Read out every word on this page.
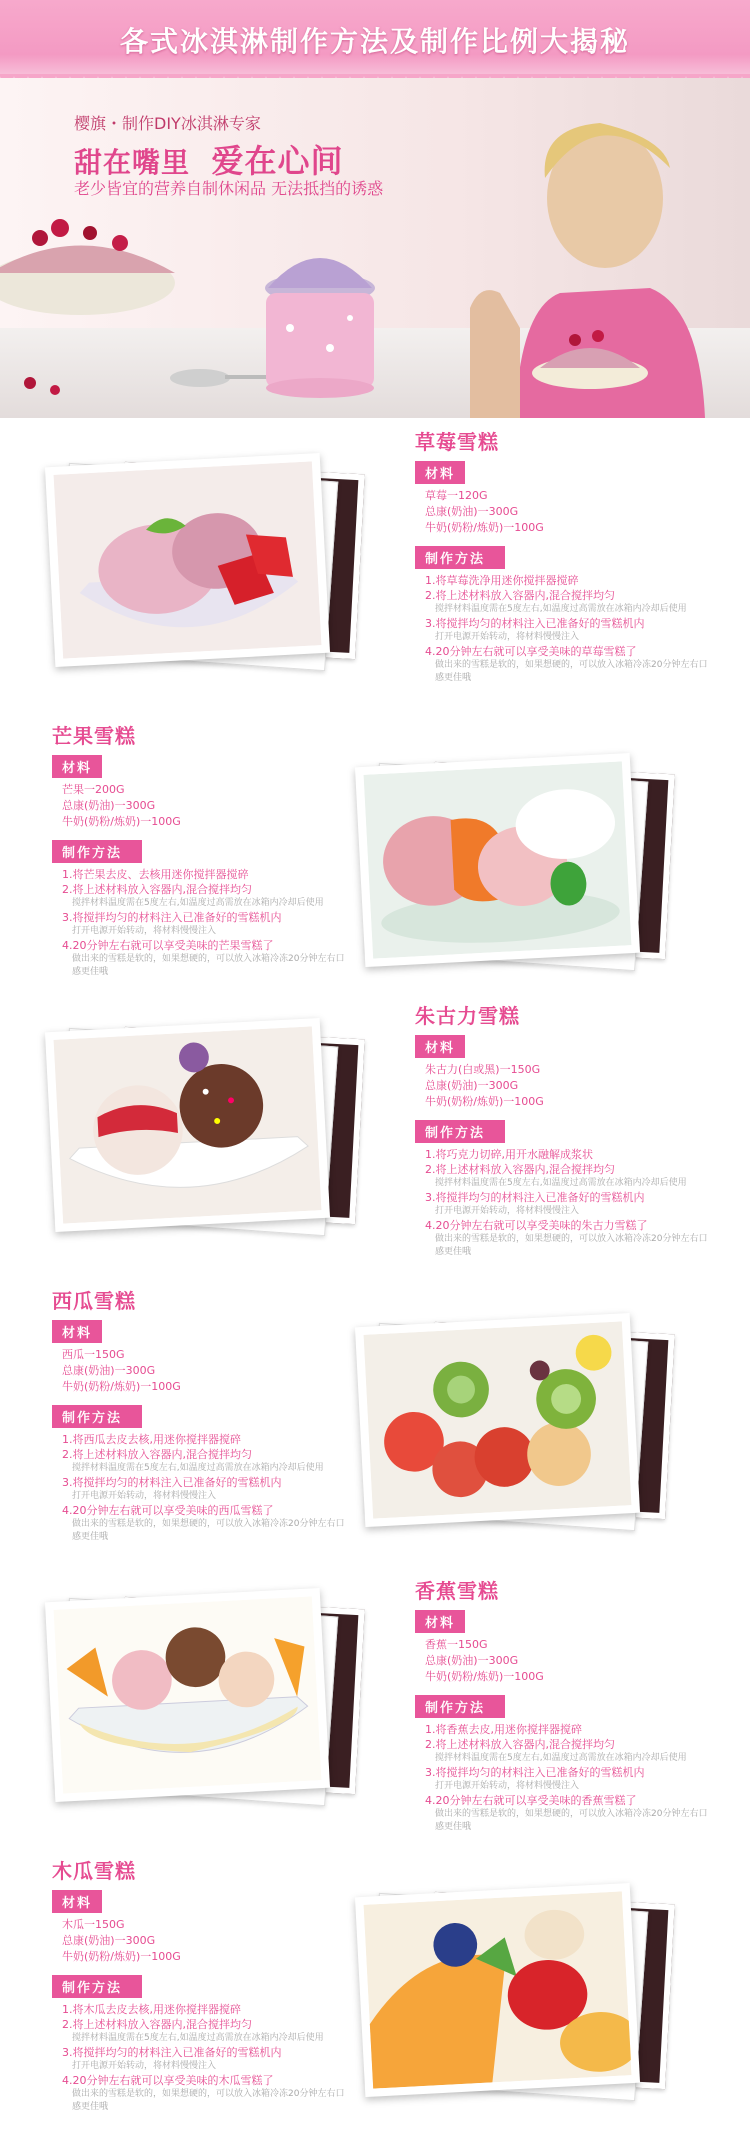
各式冰淇淋制作方法及制作比例大揭秘
樱旗・制作DIY冰淇淋专家
甜在嘴里 爱在心间
老少皆宜的营养自制休闲品 无法抵挡的诱惑
草莓雪糕
材料
草莓一120G
总康(奶油)一300G
牛奶(奶粉/炼奶)一100G
制作方法
1.将草莓洗净用迷你搅拌器搅碎
2.将上述材料放入容器内,混合搅拌均匀
搅拌材料温度需在5度左右,如温度过高需放在冰箱内冷却后使用
3.将搅拌均匀的材料注入已准备好的雪糕机内
打开电源开始转动，将材料慢慢注入
4.20分钟左右就可以享受美味的草莓雪糕了
做出来的雪糕是软的，如果想硬的，可以放入冰箱冷冻20分钟左右口感更佳哦
芒果雪糕
材料
芒果一200G
总康(奶油)一300G
牛奶(奶粉/炼奶)一100G
制作方法
1.将芒果去皮、去核用迷你搅拌器搅碎
2.将上述材料放入容器内,混合搅拌均匀
搅拌材料温度需在5度左右,如温度过高需放在冰箱内冷却后使用
3.将搅拌均匀的材料注入已准备好的雪糕机内
打开电源开始转动，将材料慢慢注入
4.20分钟左右就可以享受美味的芒果雪糕了
做出来的雪糕是软的，如果想硬的，可以放入冰箱冷冻20分钟左右口感更佳哦
朱古力雪糕
材料
朱古力(白或黑)一150G
总康(奶油)一300G
牛奶(奶粉/炼奶)一100G
制作方法
1.将巧克力切碎,用开水融解成浆状
2.将上述材料放入容器内,混合搅拌均匀
搅拌材料温度需在5度左右,如温度过高需放在冰箱内冷却后使用
3.将搅拌均匀的材料注入已准备好的雪糕机内
打开电源开始转动，将材料慢慢注入
4.20分钟左右就可以享受美味的朱古力雪糕了
做出来的雪糕是软的，如果想硬的，可以放入冰箱冷冻20分钟左右口感更佳哦
西瓜雪糕
材料
西瓜一150G
总康(奶油)一300G
牛奶(奶粉/炼奶)一100G
制作方法
1.将西瓜去皮去核,用迷你搅拌器搅碎
2.将上述材料放入容器内,混合搅拌均匀
搅拌材料温度需在5度左右,如温度过高需放在冰箱内冷却后使用
3.将搅拌均匀的材料注入已准备好的雪糕机内
打开电源开始转动，将材料慢慢注入
4.20分钟左右就可以享受美味的西瓜雪糕了
做出来的雪糕是软的，如果想硬的，可以放入冰箱冷冻20分钟左右口感更佳哦
香蕉雪糕
材料
香蕉一150G
总康(奶油)一300G
牛奶(奶粉/炼奶)一100G
制作方法
1.将香蕉去皮,用迷你搅拌器搅碎
2.将上述材料放入容器内,混合搅拌均匀
搅拌材料温度需在5度左右,如温度过高需放在冰箱内冷却后使用
3.将搅拌均匀的材料注入已准备好的雪糕机内
打开电源开始转动，将材料慢慢注入
4.20分钟左右就可以享受美味的香蕉雪糕了
做出来的雪糕是软的，如果想硬的，可以放入冰箱冷冻20分钟左右口感更佳哦
木瓜雪糕
材料
木瓜一150G
总康(奶油)一300G
牛奶(奶粉/炼奶)一100G
制作方法
1.将木瓜去皮去核,用迷你搅拌器搅碎
2.将上述材料放入容器内,混合搅拌均匀
搅拌材料温度需在5度左右,如温度过高需放在冰箱内冷却后使用
3.将搅拌均匀的材料注入已准备好的雪糕机内
打开电源开始转动，将材料慢慢注入
4.20分钟左右就可以享受美味的木瓜雪糕了
做出来的雪糕是软的，如果想硬的，可以放入冰箱冷冻20分钟左右口感更佳哦
